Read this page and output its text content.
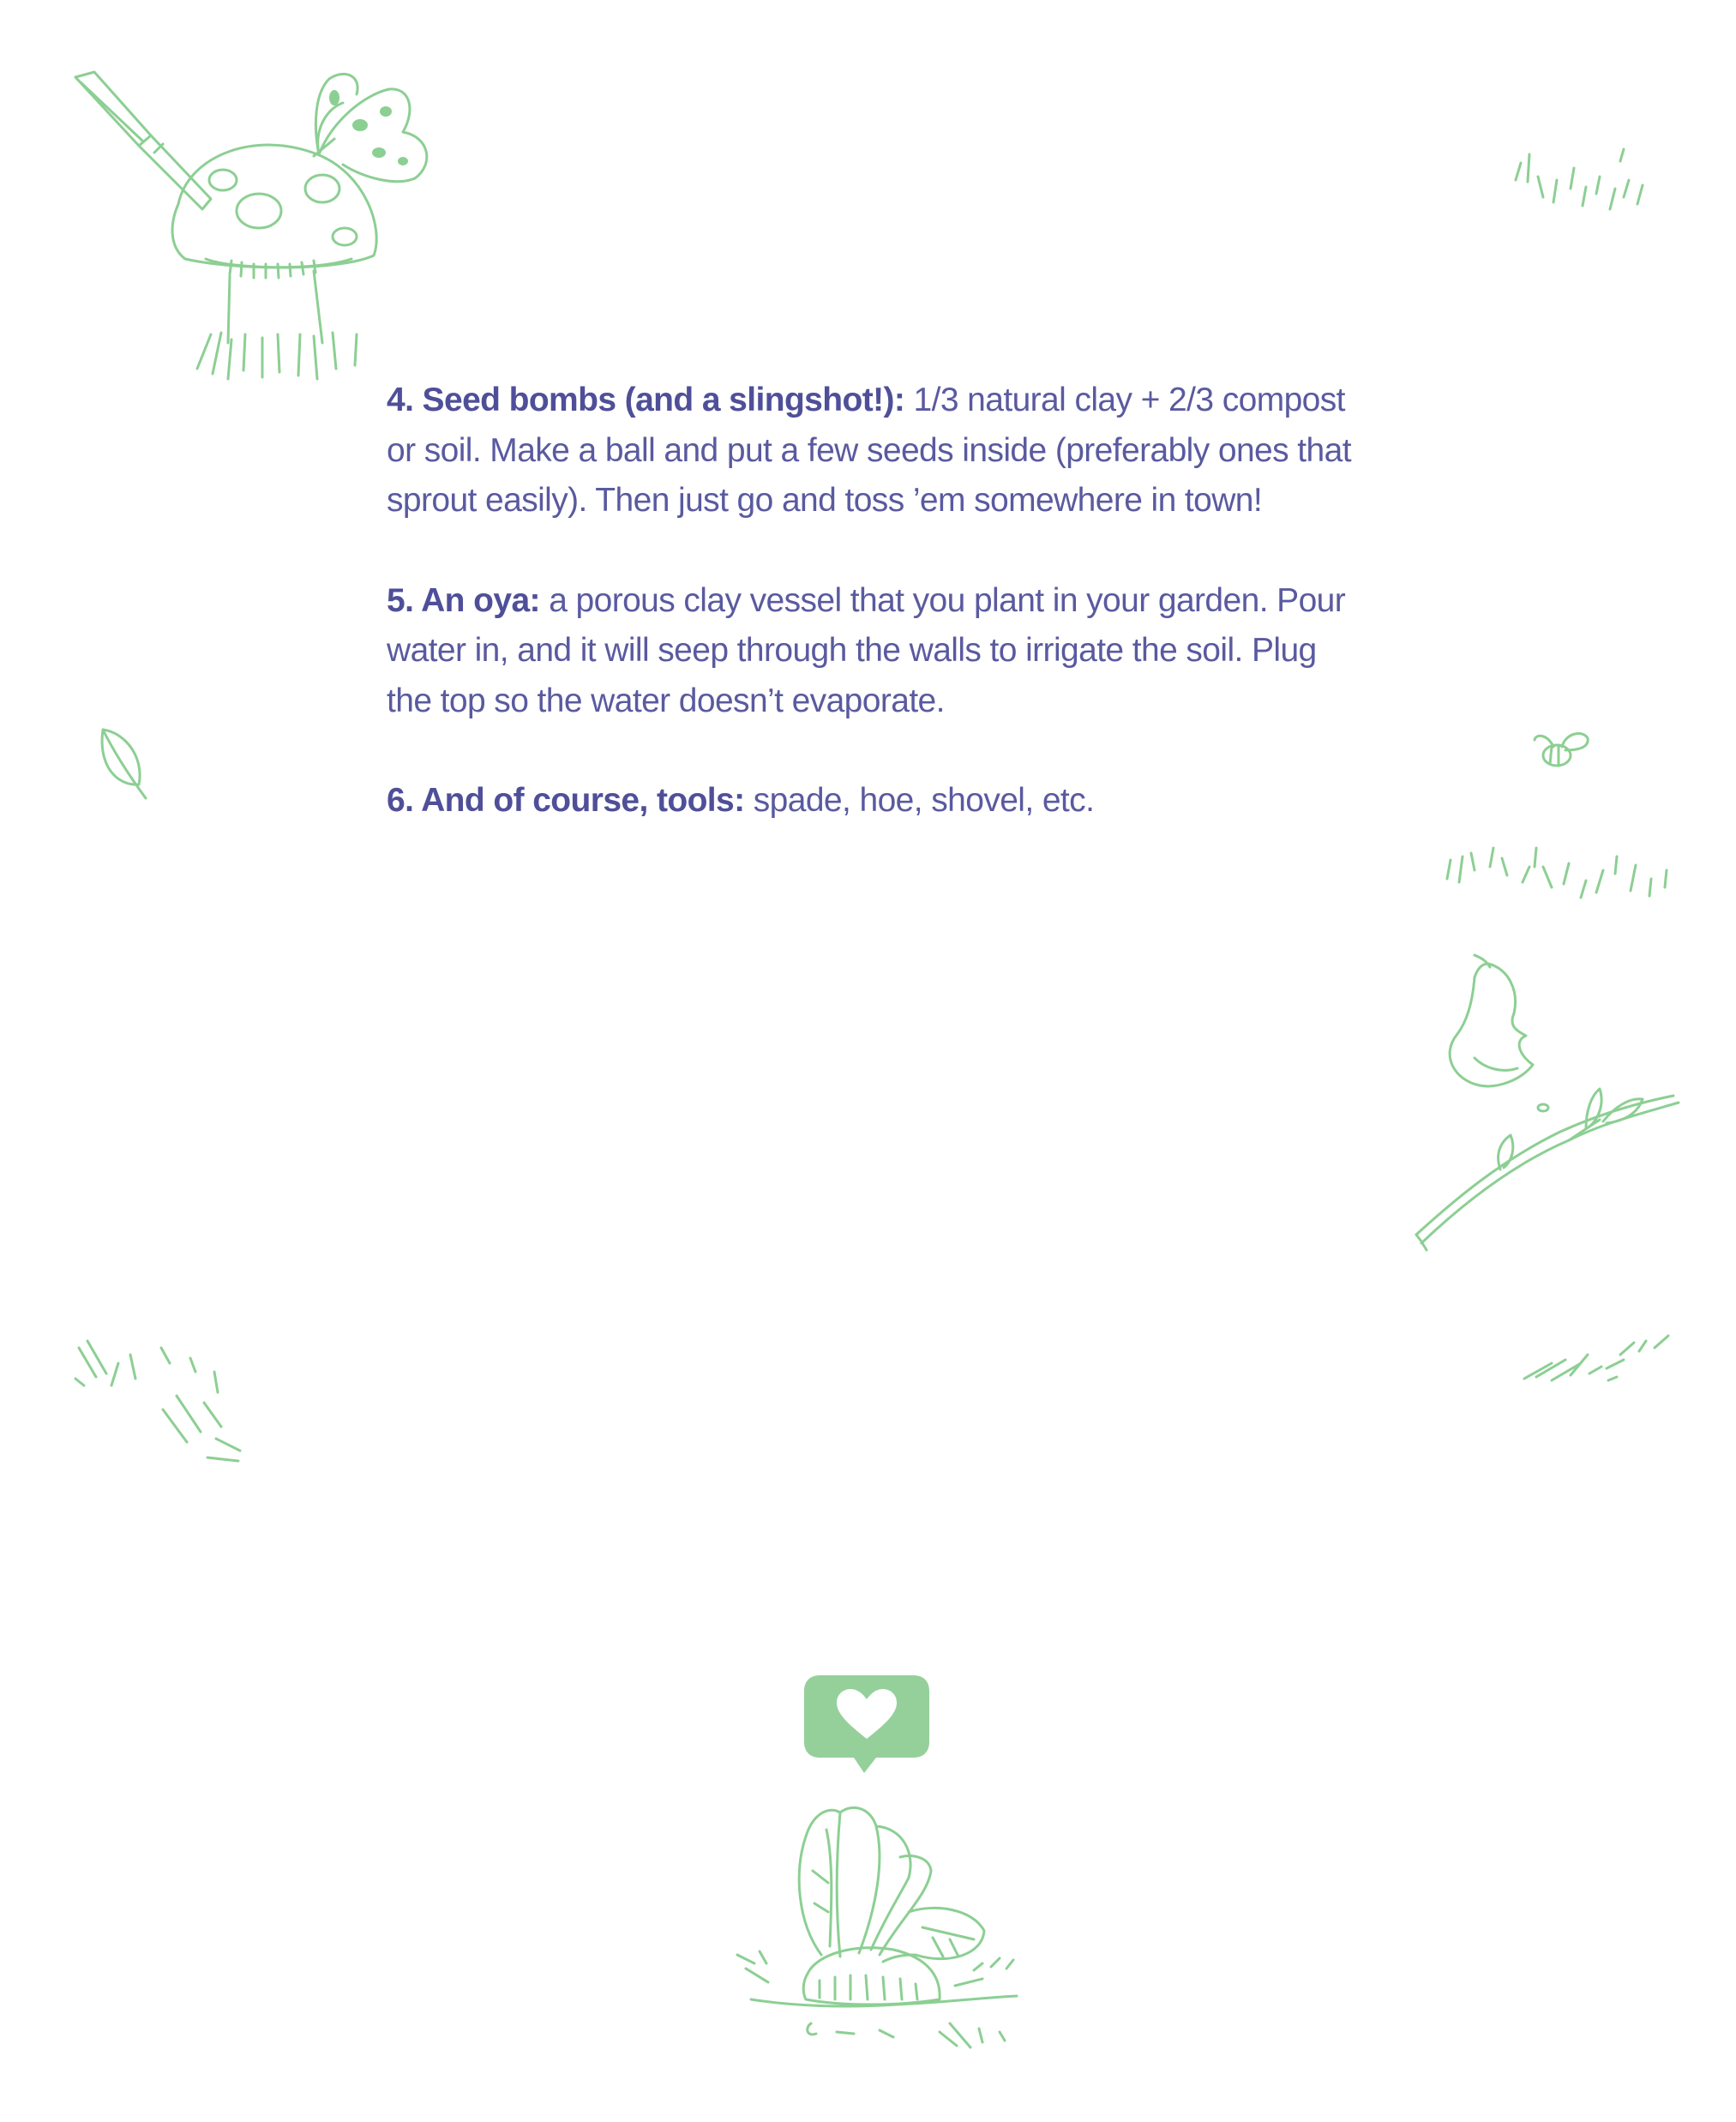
4. Seed bombs (and a slingshot!): 1/3 natural clay + 2/3 compost or soil. Make a ball and put a few seeds inside (preferably ones that sprout easily). Then just go and toss ’em somewhere in town!

5. An oya: a porous clay vessel that you plant in your garden. Pour water in, and it will seep through the walls to irrigate the soil. Plug the top so the water doesn’t evaporate.

6. And of course, tools: spade, hoe, shovel, etc.
